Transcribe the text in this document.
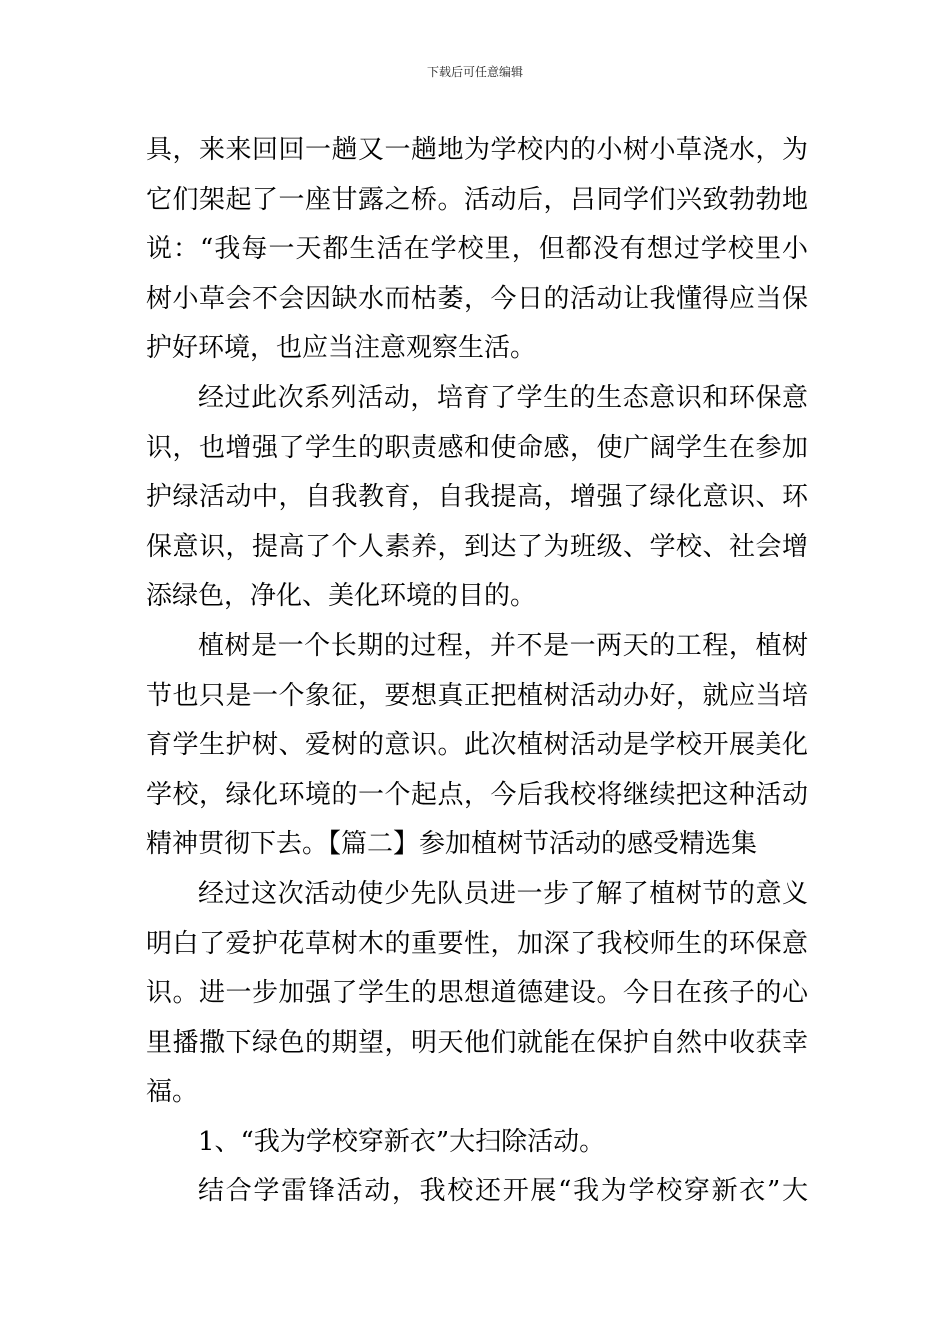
下载后可任意编辑
具，来来回回一趟又一趟地为学校内的小树小草浇水，为
它们架起了一座甘露之桥。活动后，吕同学们兴致勃勃地
说：“我每一天都生活在学校里，但都没有想过学校里小
树小草会不会因缺水而枯萎，今日的活动让我懂得应当保
护好环境，也应当注意观察生活。
经过此次系列活动，培育了学生的生态意识和环保意
识，也增强了学生的职责感和使命感，使广阔学生在参加
护绿活动中，自我教育，自我提高，增强了绿化意识、环
保意识，提高了个人素养，到达了为班级、学校、社会增
添绿色，净化、美化环境的目的。
植树是一个长期的过程，并不是一两天的工程，植树
节也只是一个象征，要想真正把植树活动办好，就应当培
育学生护树、爱树的意识。此次植树活动是学校开展美化
学校，绿化环境的一个起点，今后我校将继续把这种活动
精神贯彻下去。【篇二】参加植树节活动的感受精选集
经过这次活动使少先队员进一步了解了植树节的意义
明白了爱护花草树木的重要性，加深了我校师生的环保意
识。进一步加强了学生的思想道德建设。今日在孩子的心
里播撒下绿色的期望，明天他们就能在保护自然中收获幸
福。
1、“我为学校穿新衣”大扫除活动。
结合学雷锋活动，我校还开展“我为学校穿新衣”大
